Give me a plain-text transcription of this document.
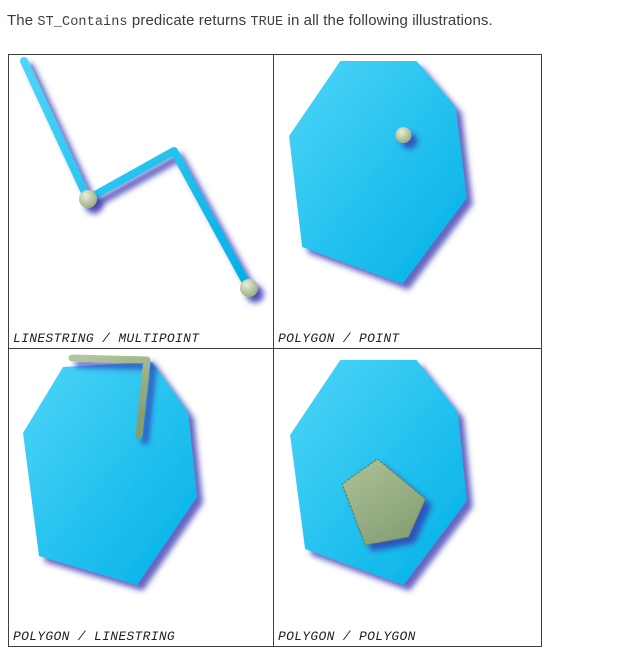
The ST_Contains predicate returns TRUE in all the following illustrations.

LINESTRING / MULTIPOINT	POLYGON / POINT
POLYGON / LINESTRING	POLYGON / POLYGON
